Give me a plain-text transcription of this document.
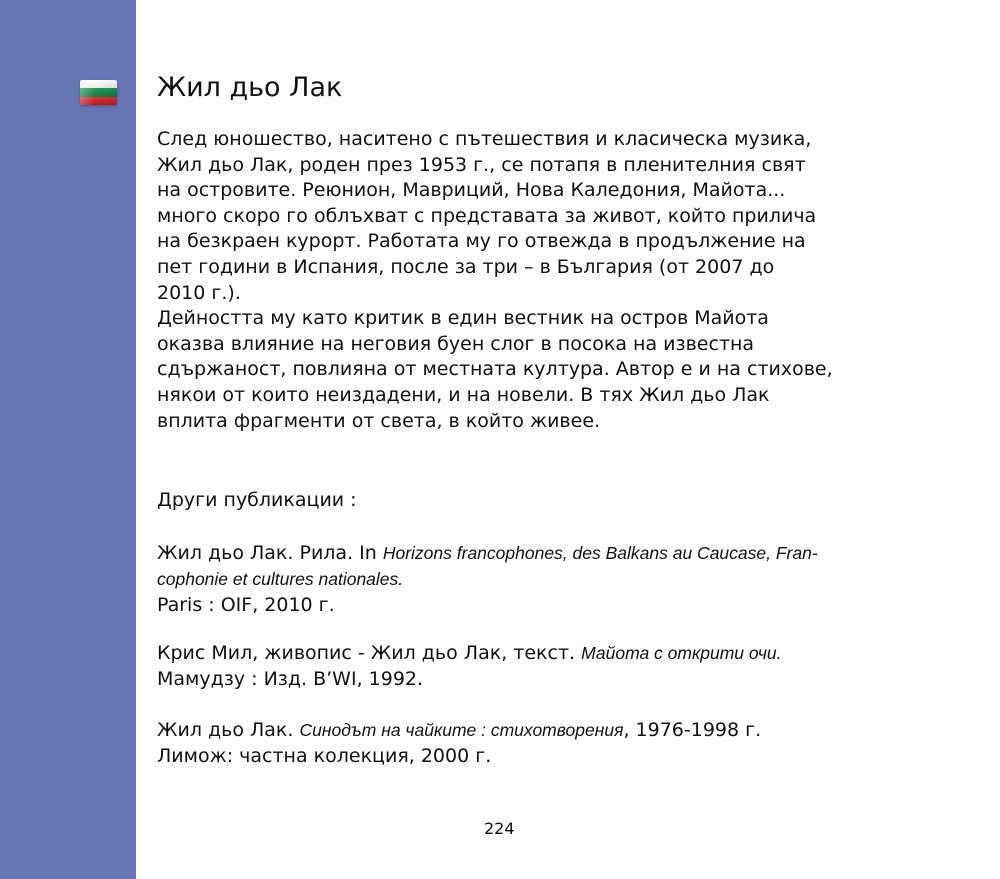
Жил дьо Лак

След юношество, наситено с пътешествия и класическа музика,
Жил дьо Лак, роден през 1953 г., се потапя в пленителния свят
на островите. Реюнион, Мавриций, Нова Каледония, Майота...
много скоро го облъхват с представата за живот, който прилича
на безкраен курорт. Работата му го отвежда в продължение на
пет години в Испания, после за три – в България (от 2007 до
2010 г.).

Дейността му като критик в един вестник на остров Майота
оказва влияние на неговия буен слог в посока на известна
сдържаност, повлияна от местната култура. Автор е и на стихове,
някои от които неиздадени, и на новели. В тях Жил дьо Лак
вплита фрагменти от света, в който живее.

Други публикации :
Жил дьо Лак. Рила. In Horizons francophones, des Balkans au Caucase, Fran-
cophonie et cultures nationales.
Paris : OIF, 2010 г.
Крис Мил, живопис - Жил дьо Лак, текст. Майота с открити очи.
Мамудзу : Изд. B’WI, 1992.
Жил дьо Лак. Синодът на чайките : стихотворения, 1976-1998 г.
Лимож: частна колекция, 2000 г.
224
